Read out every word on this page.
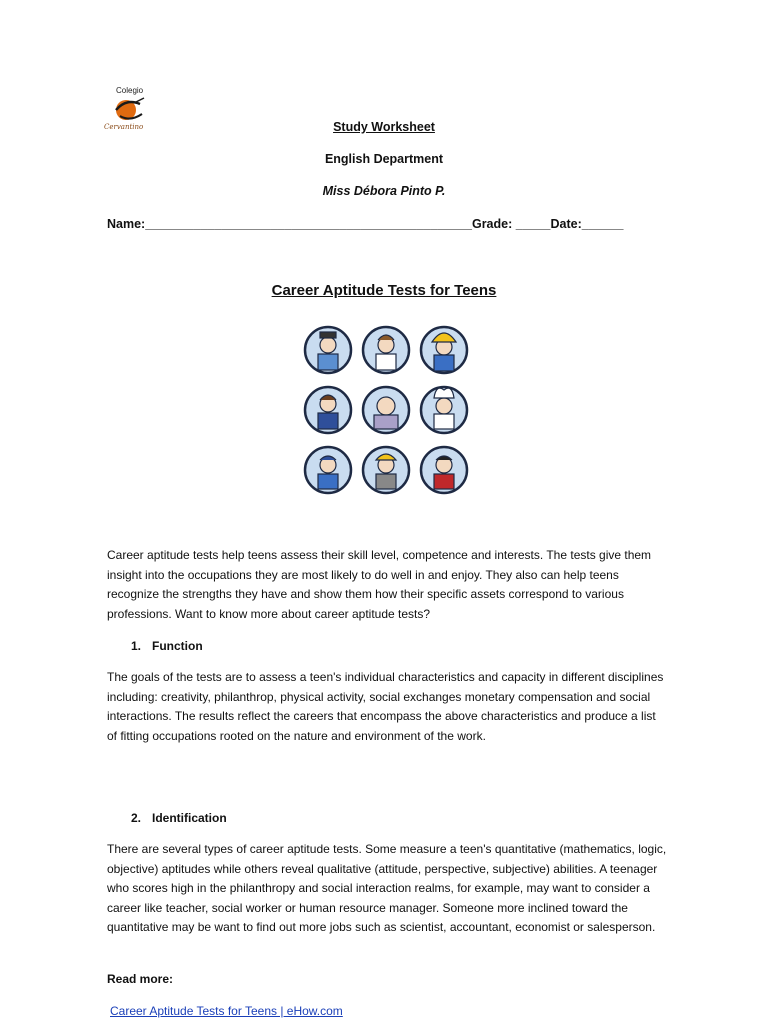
Colegio
Cervantino	Study Worksheet
English Department
Miss Débora Pinto P.
Name:_______________________________________________Grade: _____Date:______
Career Aptitude Tests for Teens

Career aptitude tests help teens assess their skill level, competence and interests. The tests give them insight into the occupations they are most likely to do well in and enjoy. They also can help teens recognize the strengths they have and show them how their specific assets correspond to various professions. Want to know more about career aptitude tests?

1. Function

The goals of the tests are to assess a teen's individual characteristics and capacity in different disciplines including: creativity, philanthrop, physical activity, social exchanges monetary compensation and social interactions. The results reflect the careers that encompass the above characteristics and produce a list of fitting occupations rooted on the nature and environment of the work.

2. Identification

There are several types of career aptitude tests. Some measure a teen's quantitative (mathematics, logic, objective) aptitudes while others reveal qualitative (attitude, perspective, subjective) abilities. A teenager who scores high in the philanthropy and social interaction realms, for example, may want to consider a career like teacher, social worker or human resource manager. Someone more inclined toward the quantitative may be want to find out more jobs such as scientist, accountant, economist or salesperson.

Read more:

Career Aptitude Tests for Teens | eHow.com
